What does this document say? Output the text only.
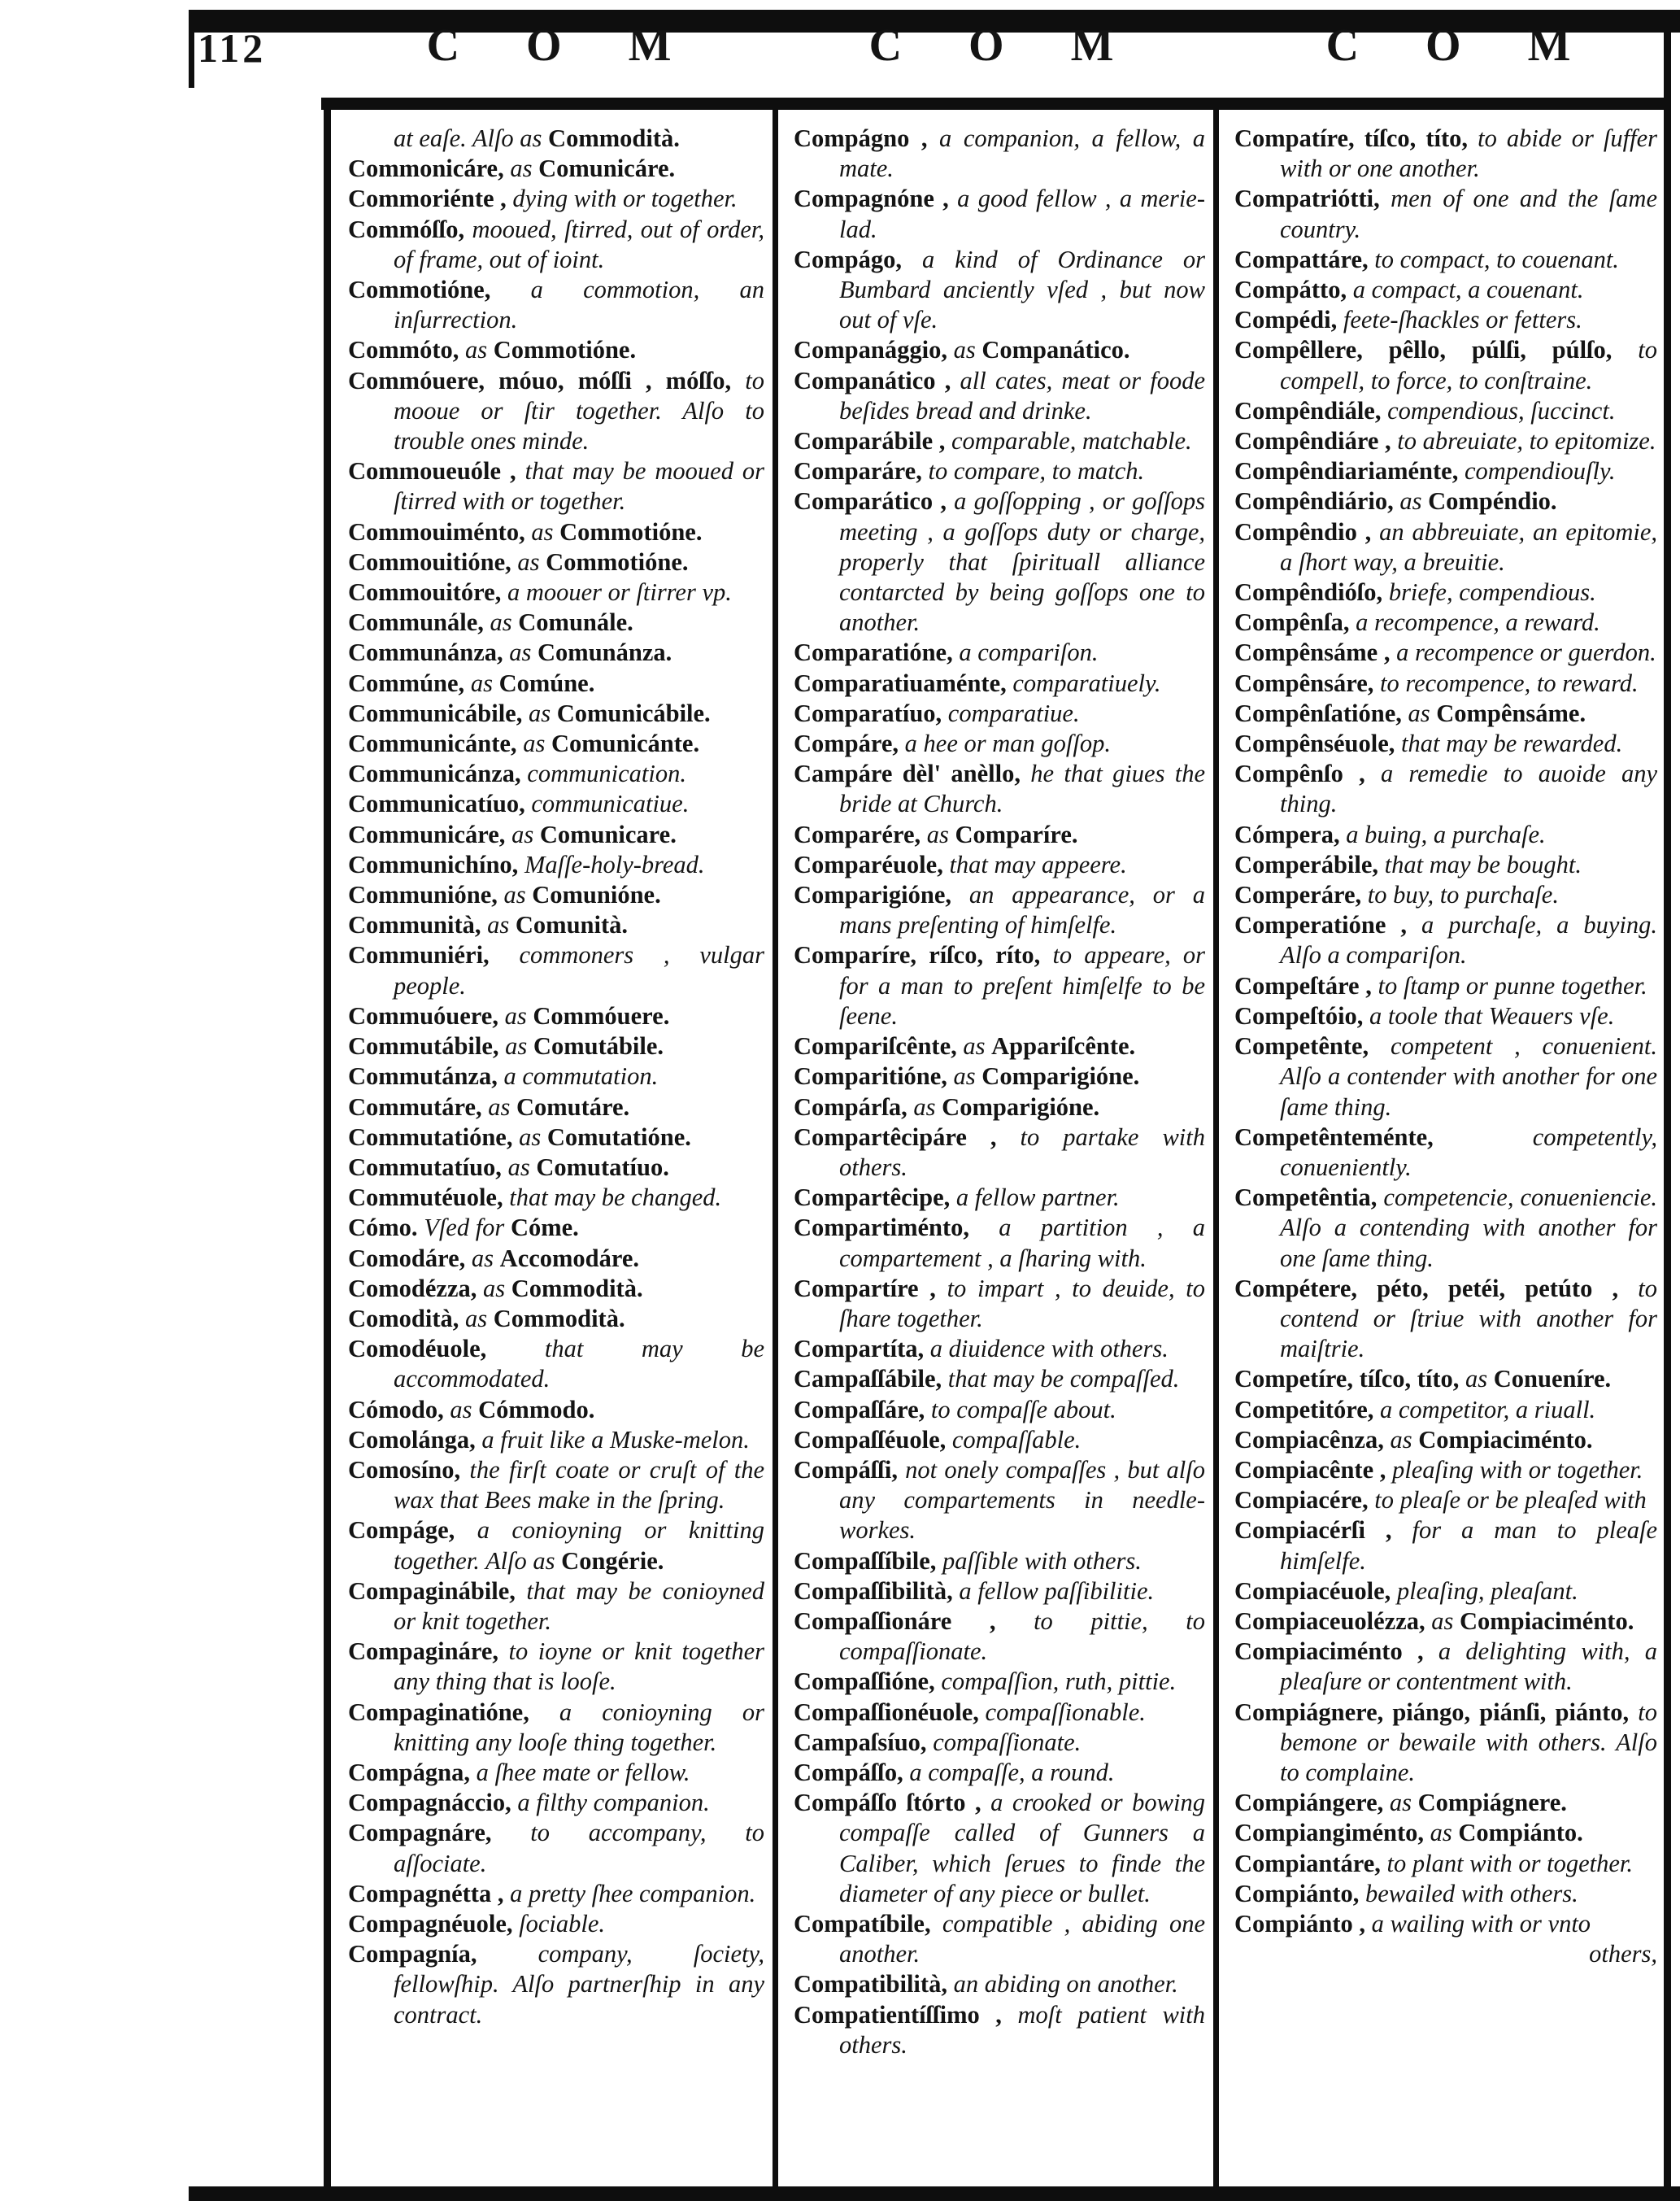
112	C O M	C O M	C O M

at eaſe. Alſo as Commodità.

Commonicáre, as Comunicáre.

Commoriénte , dying with or together.

Commóſſo, mooued, ſtirred, out of order, of frame, out of ioint.

Commotióne, a commotion, an inſurrection.

Commóto, as Commotióne.

Commóuere, móuo, móſſi , móſſo, to mooue or ſtir together. Alſo to trouble ones minde.

Commoueuóle , that may be mooued or ſtirred with or together.

Commouiménto, as Commotióne.

Commouitióne, as Commotióne.

Commouitóre, a moouer or ſtirrer vp.

Communále, as Comunále.

Communánza, as Comunánza.

Commúne, as Comúne.

Communicábile, as Comunicábile.

Communicánte, as Comunicánte.

Communicánza, communication.

Communicatíuo, communicatiue.

Communicáre, as Comunicare.

Communichíno, Maſſe-holy-bread.

Communióne, as Comunióne.

Communità, as Comunità.

Communiéri, commoners , vulgar people.

Commuóuere, as Commóuere.

Commutábile, as Comutábile.

Commutánza, a commutation.

Commutáre, as Comutáre.

Commutatióne, as Comutatióne.

Commutatíuo, as Comutatíuo.

Commutéuole, that may be changed.

Cómo. Vſed for Cóme.

Comodáre, as Accomodáre.

Comodézza, as Commodità.

Comodità, as Commodità.

Comodéuole, that may be accommodated.

Cómodo, as Cómmodo.

Comolánga, a fruit like a Muske-melon.

Comosíno, the firſt coate or cruſt of the wax that Bees make in the ſpring.

Compáge, a conioyning or knitting together. Alſo as Congérie.

Compaginábile, that may be conioyned or knit together.

Compagináre, to ioyne or knit together any thing that is looſe.

Compaginatióne, a conioyning or knitting any looſe thing together.

Compágna, a ſhee mate or fellow.

Compagnáccio, a filthy companion.

Compagnáre, to accompany, to aſſociate.

Compagnétta , a pretty ſhee companion.

Compagnéuole, ſociable.

Compagnía, company, ſociety, fellowſhip. Alſo partnerſhip in any contract.

Compágno , a companion, a fellow, a mate.

Compagnóne , a good fellow , a merie-lad.

Compágo, a kind of Ordinance or Bumbard anciently vſed , but now out of vſe.

Companággio, as Companático.

Companático , all cates, meat or foode beſides bread and drinke.

Comparábile , comparable, matchable.

Comparáre, to compare, to match.

Comparático , a goſſopping , or goſſops meeting , a goſſops duty or charge, properly that ſpirituall alliance contarcted by being goſſops one to another.

Comparatióne, a compariſon.

Comparatiuaménte, comparatiuely.

Comparatíuo, comparatiue.

Compáre, a hee or man goſſop.

Campáre dèl' anèllo, he that giues the bride at Church.

Comparére, as Comparíre.

Comparéuole, that may appeere.

Comparigióne, an appearance, or a mans preſenting of himſelfe.

Comparíre, ríſco, ríto, to appeare, or for a man to preſent himſelfe to be ſeene.

Compariſcênte, as Appariſcênte.

Comparitióne, as Comparigióne.

Compárſa, as Comparigióne.

Compartêcipáre , to partake with others.

Compartêcipe, a fellow partner.

Compartiménto, a partition , a compartement , a ſharing with.

Compartíre , to impart , to deuide, to ſhare together.

Compartíta, a diuidence with others.

Campaſſábile, that may be compaſſed.

Compaſſáre, to compaſſe about.

Compaſſéuole, compaſſable.

Compáſſi, not onely compaſſes , but alſo any compartements in needle-workes.

Compaſſíbile, paſſible with others.

Compaſſibilità, a fellow paſſibilitie.

Compaſſionáre , to pittie, to compaſſionate.

Compaſſióne, compaſſion, ruth, pittie.

Compaſſionéuole, compaſſionable.

Campaſsíuo, compaſſionate.

Compáſſo, a compaſſe, a round.

Compáſſo ſtórto , a crooked or bowing compaſſe called of Gunners a Caliber, which ſerues to finde the diameter of any piece or bullet.

Compatíbile, compatible , abiding one another.

Compatibilità, an abiding on another.

Compatientíſſimo , moſt patient with others.

Compatíre, tíſco, títo, to abide or ſuffer with or one another.

Compatriótti, men of one and the ſame country.

Compattáre, to compact, to couenant.

Compátto, a compact, a couenant.

Compédi, feete-ſhackles or fetters.

Compêllere, pêllo, púlſi, púlſo, to compell, to force, to conſtraine.

Compêndiále, compendious, ſuccinct.

Compêndiáre , to abreuiate, to epitomize.

Compêndiariaménte, compendiouſly.

Compêndiário, as Compéndio.

Compêndio , an abbreuiate, an epitomie, a ſhort way, a breuitie.

Compêndióſo, briefe, compendious.

Compênſa, a recompence, a reward.

Compênsáme , a recompence or guerdon.

Compênsáre, to recompence, to reward.

Compênſatióne, as Compênsáme.

Compênséuole, that may be rewarded.

Compênſo , a remedie to auoide any thing.

Cómpera, a buing, a purchaſe.

Comperábile, that may be bought.

Comperáre, to buy, to purchaſe.

Comperatióne , a purchaſe, a buying. Alſo a compariſon.

Compeſtáre , to ſtamp or punne together.

Compeſtóio, a toole that Weauers vſe.

Competênte, competent , conuenient. Alſo a contender with another for one ſame thing.

Competênteménte, competently, conueniently.

Competêntia, competencie, conueniencie. Alſo a contending with another for one ſame thing.

Compétere, péto, petéi, petúto , to contend or ſtriue with another for maiſtrie.

Competíre, tíſco, títo, as Conueníre.

Competitóre, a competitor, a riuall.

Compiacênza, as Compiaciménto.

Compiacênte , pleaſing with or together.

Compiacére, to pleaſe or be pleaſed with

Compiacérſi , for a man to pleaſe himſelfe.

Compiacéuole, pleaſing, pleaſant.

Compiaceuolézza, as Compiaciménto.

Compiaciménto , a delighting with, a pleaſure or contentment with.

Compiágnere, piángo, piánſi, piánto, to bemone or bewaile with others. Alſo to complaine.

Compiángere, as Compiágnere.

Compiangiménto, as Compiánto.

Compiantáre, to plant with or together.

Compiánto, bewailed with others.

Compiánto , a wailing with or vnto
others,
